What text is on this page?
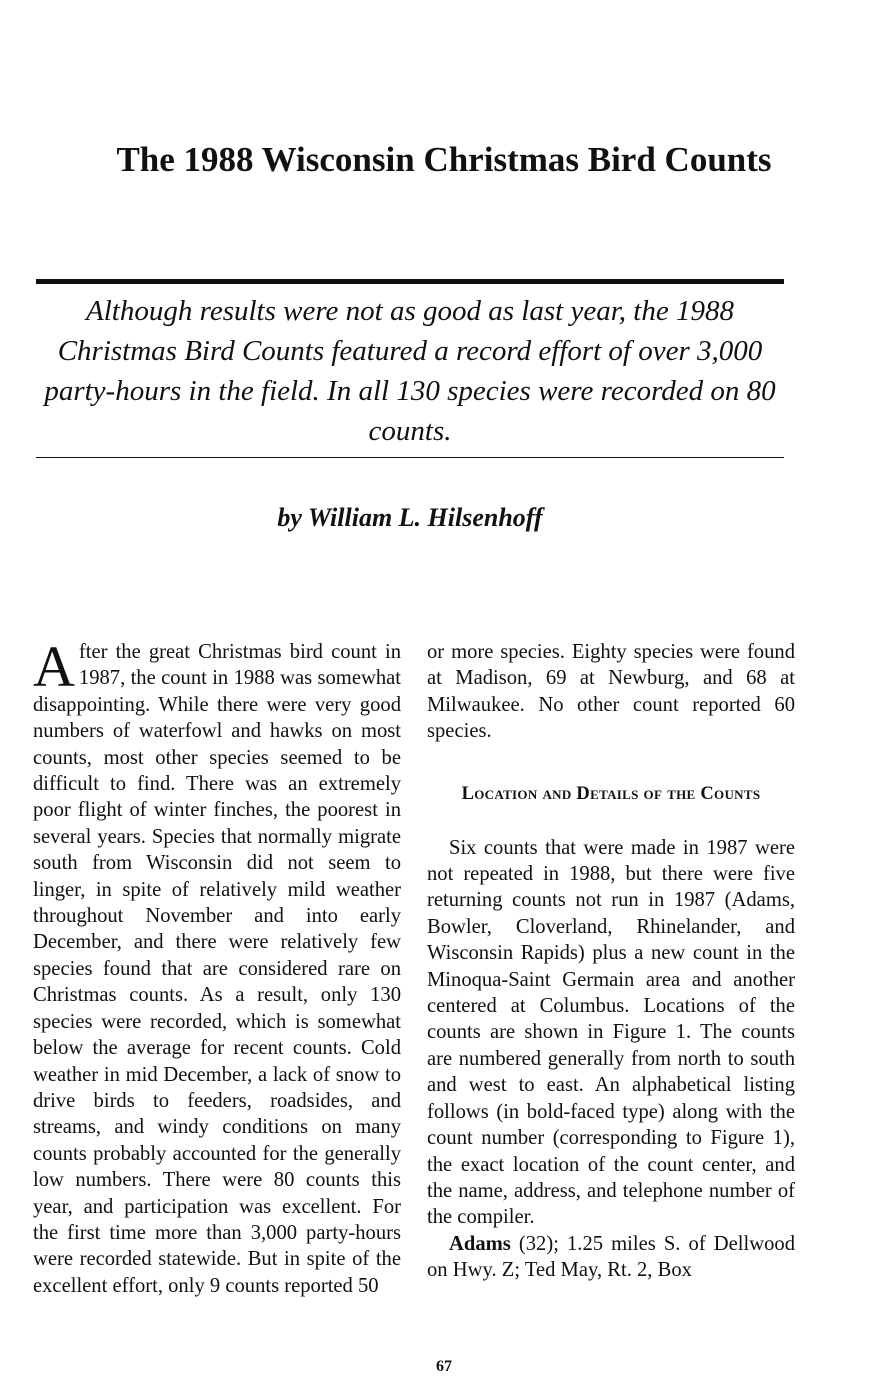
The 1988 Wisconsin Christmas Bird Counts

Although results were not as good as last year, the 1988 Christmas Bird Counts featured a record effort of over 3,000 party-hours in the field. In all 130 species were recorded on 80 counts.

by William L. Hilsenhoff

After the great Christmas bird count in 1987, the count in 1988 was somewhat disappointing. While there were very good numbers of waterfowl and hawks on most counts, most other species seemed to be difficult to find. There was an extremely poor flight of winter finches, the poorest in several years. Species that normally migrate south from Wisconsin did not seem to linger, in spite of relatively mild weather throughout November and into early December, and there were relatively few species found that are considered rare on Christmas counts. As a result, only 130 species were recorded, which is somewhat below the average for recent counts. Cold weather in mid December, a lack of snow to drive birds to feeders, roadsides, and streams, and windy conditions on many counts probably accounted for the generally low numbers. There were 80 counts this year, and participation was excellent. For the first time more than 3,000 party-hours were recorded statewide. But in spite of the excellent effort, only 9 counts reported 50

or more species. Eighty species were found at Madison, 69 at Newburg, and 68 at Milwaukee. No other count reported 60 species.

Location and Details of the Counts

Six counts that were made in 1987 were not repeated in 1988, but there were five returning counts not run in 1987 (Adams, Bowler, Cloverland, Rhinelander, and Wisconsin Rapids) plus a new count in the Minoqua-Saint Germain area and another centered at Columbus. Locations of the counts are shown in Figure 1. The counts are numbered generally from north to south and west to east. An alphabetical listing follows (in bold-faced type) along with the count number (corresponding to Figure 1), the exact location of the count center, and the name, address, and telephone number of the compiler.

Adams (32); 1.25 miles S. of Dellwood on Hwy. Z; Ted May, Rt. 2, Box

67
